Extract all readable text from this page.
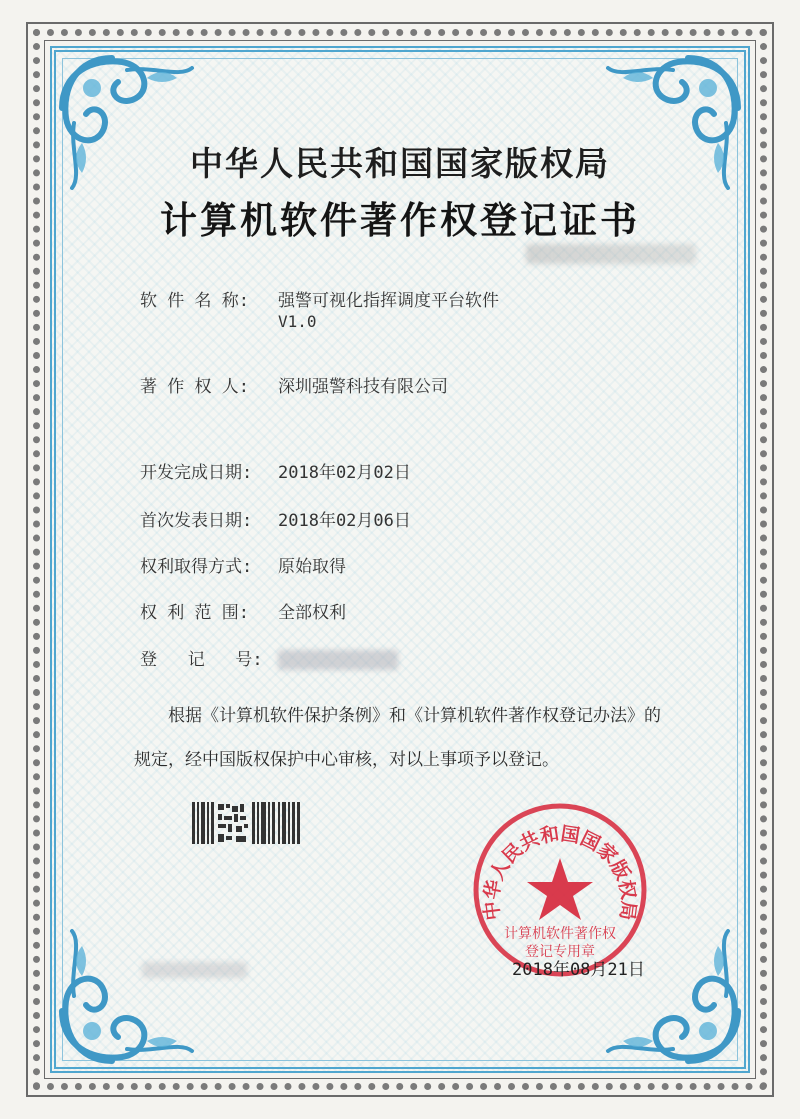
中华人民共和国国家版权局
计算机软件著作权登记证书
软 件 名 称: 强警可视化指挥调度平台软件
V1.0
著 作 权 人: 深圳强警科技有限公司
开发完成日期: 2018年02月02日
首次发表日期: 2018年02月06日
权利取得方式: 原始取得
权 利 范 围: 全部权利
登   记   号:
根据《计算机软件保护条例》和《计算机软件著作权登记办法》的
规定，经中国版权保护中心审核，对以上事项予以登记。
中华人民共和国国家版权局
计算机软件著作权
登记专用章
2018年08月21日
